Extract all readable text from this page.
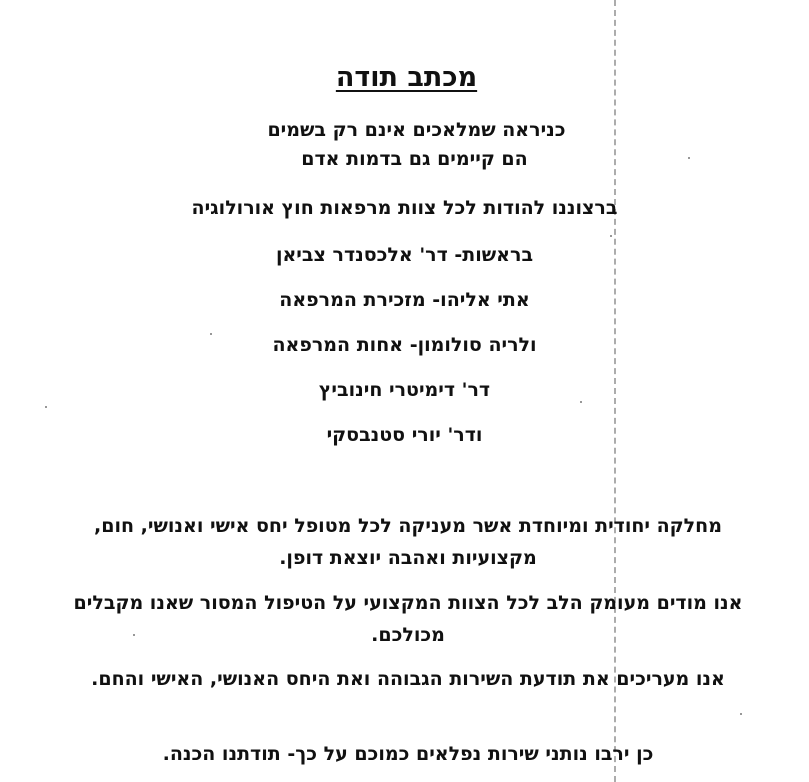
מכתב תודה
כניראה שמלאכים אינם רק בשמים
הם קיימים גם בדמות אדם
ברצוננו להודות לכל צוות מרפאות חוץ אורולוגיה
בראשות- דר' אלכסנדר צביאן
אתי אליהו- מזכירת המרפאה
ולריה סולומון- אחות המרפאה
דר' דימיטרי חינוביץ
ודר' יורי סטנבסקי
מחלקה יחודית ומיוחדת אשר מעניקה לכל מטופל יחס אישי ואנושי, חום, מקצועיות ואהבה יוצאת דופן.
אנו מודים מעומק הלב לכל הצוות המקצועי על הטיפול המסור שאנו מקבלים מכולכם.
אנו מעריכים את תודעת השירות הגבוהה ואת היחס האנושי, האישי והחם.
כן ירבו נותני שירות נפלאים כמוכם על כך- תודתנו הכנה.
